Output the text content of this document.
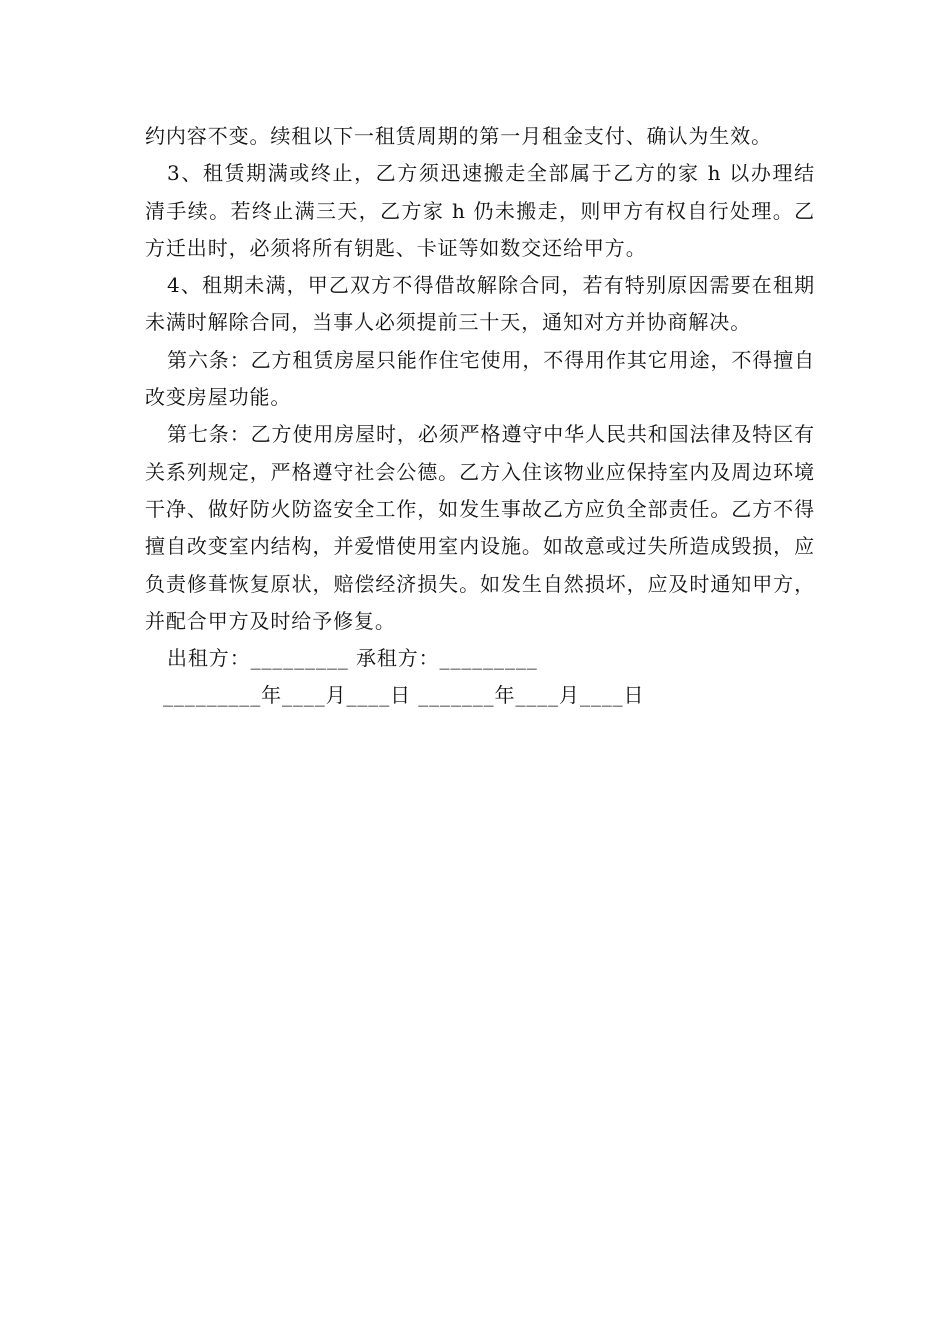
约内容不变。续租以下一租赁周期的第一月租金支付、确认为生效。

3、租赁期满或终止，乙方须迅速搬走全部属于乙方的家 h 以办理结清手续。若终止满三天，乙方家 h 仍未搬走，则甲方有权自行处理。乙方迁出时，必须将所有钥匙、卡证等如数交还给甲方。

4、租期未满，甲乙双方不得借故解除合同，若有特别原因需要在租期未满时解除合同，当事人必须提前三十天，通知对方并协商解决。

第六条：乙方租赁房屋只能作住宅使用，不得用作其它用途，不得擅自改变房屋功能。

第七条：乙方使用房屋时，必须严格遵守中华人民共和国法律及特区有关系列规定，严格遵守社会公德。乙方入住该物业应保持室内及周边环境干净、做好防火防盗安全工作，如发生事故乙方应负全部责任。乙方不得擅自改变室内结构，并爱惜使用室内设施。如故意或过失所造成毁损，应负责修葺恢复原状，赔偿经济损失。如发生自然损坏，应及时通知甲方，并配合甲方及时给予修复。

出租方：_________ 承租方：_________

_________年____月____日 _______年____月____日
